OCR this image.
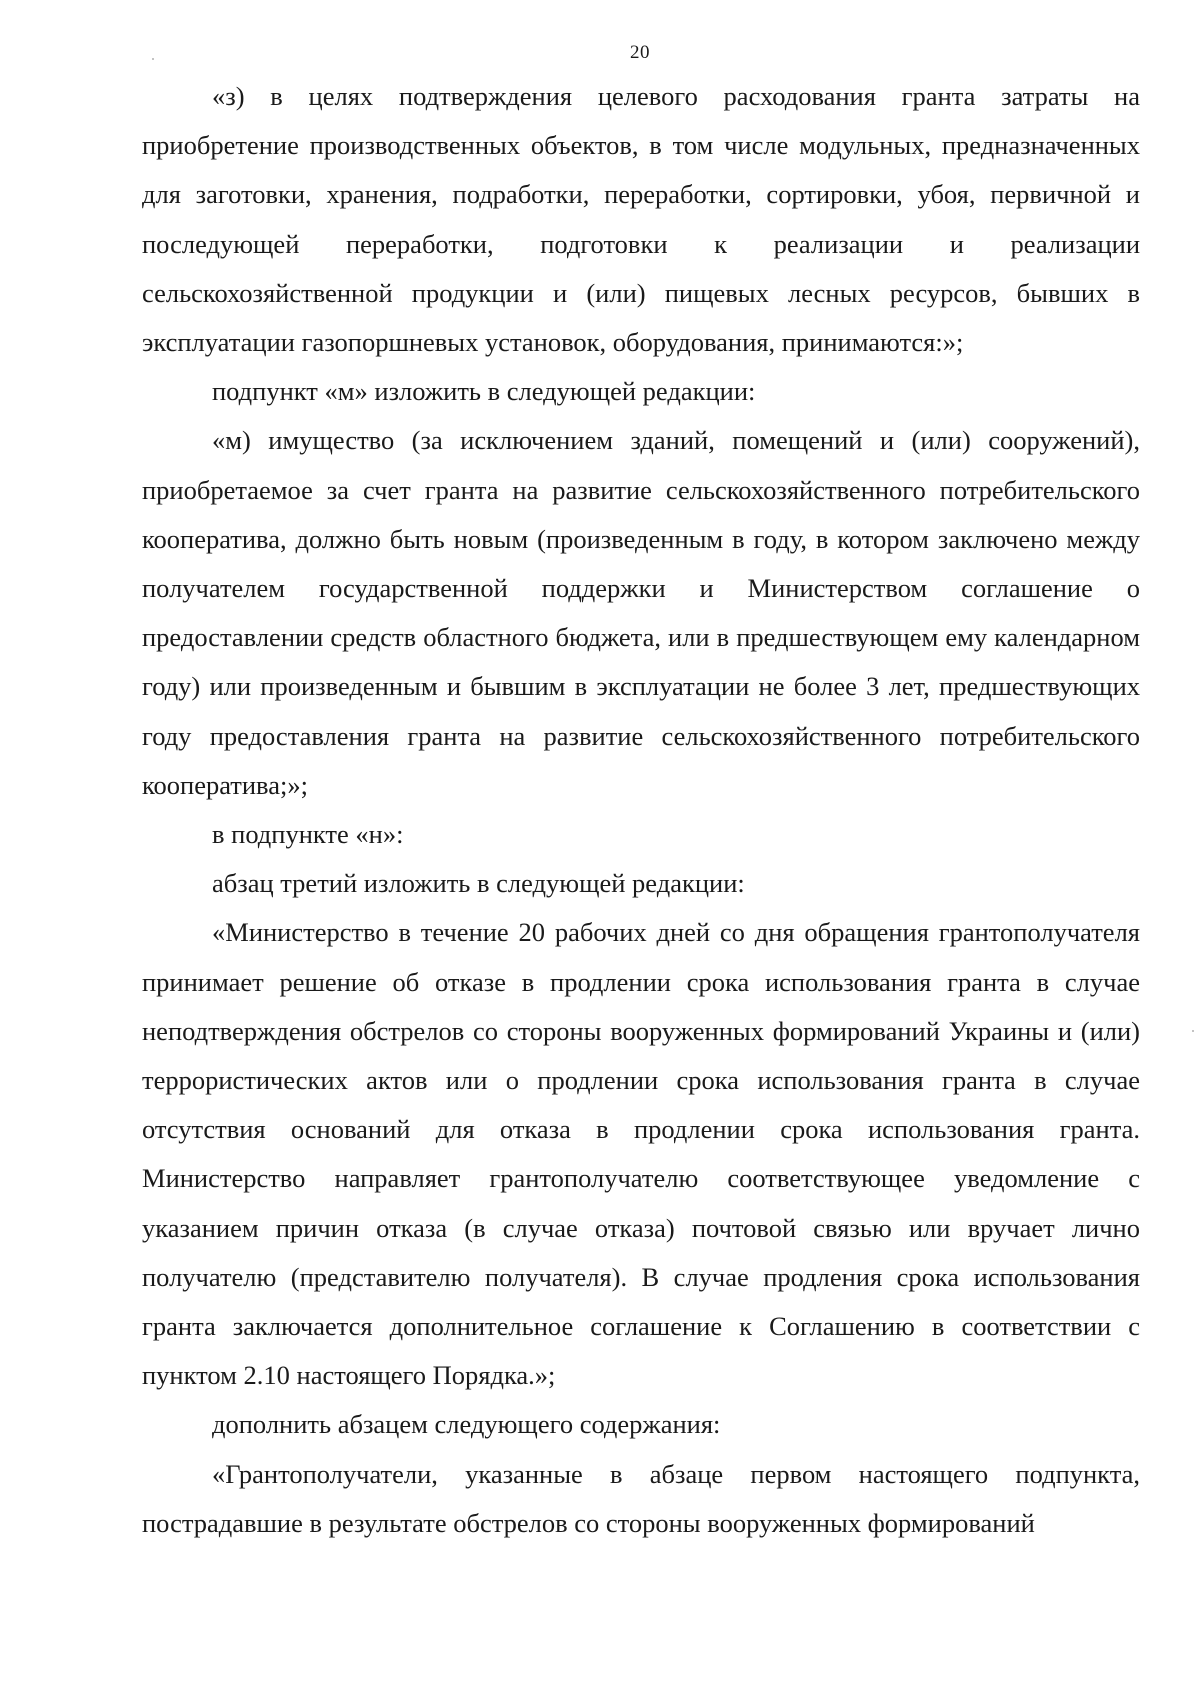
20

«з) в целях подтверждения целевого расходования гранта затраты на приобретение производственных объектов, в том числе модульных, предназначенных для заготовки, хранения, подработки, переработки, сортировки, убоя, первичной и последующей переработки, подготовки к реализации и реализации сельскохозяйственной продукции и (или) пищевых лесных ресурсов, бывших в эксплуатации газопоршневых установок, оборудования, принимаются:»;

подпункт «м» изложить в следующей редакции:

«м) имущество (за исключением зданий, помещений и (или) сооружений), приобретаемое за счет гранта на развитие сельскохозяйственного потребительского кооператива, должно быть новым (произведенным в году, в котором заключено между получателем государственной поддержки и Министерством соглашение о предоставлении средств областного бюджета, или в предшествующем ему календарном году) или произведенным и бывшим в эксплуатации не более 3 лет, предшествующих году предоставления гранта на развитие сельскохозяйственного потребительского кооператива;»;

в подпункте «н»:

абзац третий изложить в следующей редакции:

«Министерство в течение 20 рабочих дней со дня обращения грантополучателя принимает решение об отказе в продлении срока использования гранта в случае неподтверждения обстрелов со стороны вооруженных формирований Украины и (или) террористических актов или о продлении срока использования гранта в случае отсутствия оснований для отказа в продлении срока использования гранта. Министерство направляет грантополучателю соответствующее уведомление с указанием причин отказа (в случае отказа) почтовой связью или вручает лично получателю (представителю получателя). В случае продления срока использования гранта заключается дополнительное соглашение к Соглашению в соответствии с пунктом 2.10 настоящего Порядка.»;

дополнить абзацем следующего содержания:

«Грантополучатели, указанные в абзаце первом настоящего подпункта, пострадавшие в результате обстрелов со стороны вооруженных формирований
